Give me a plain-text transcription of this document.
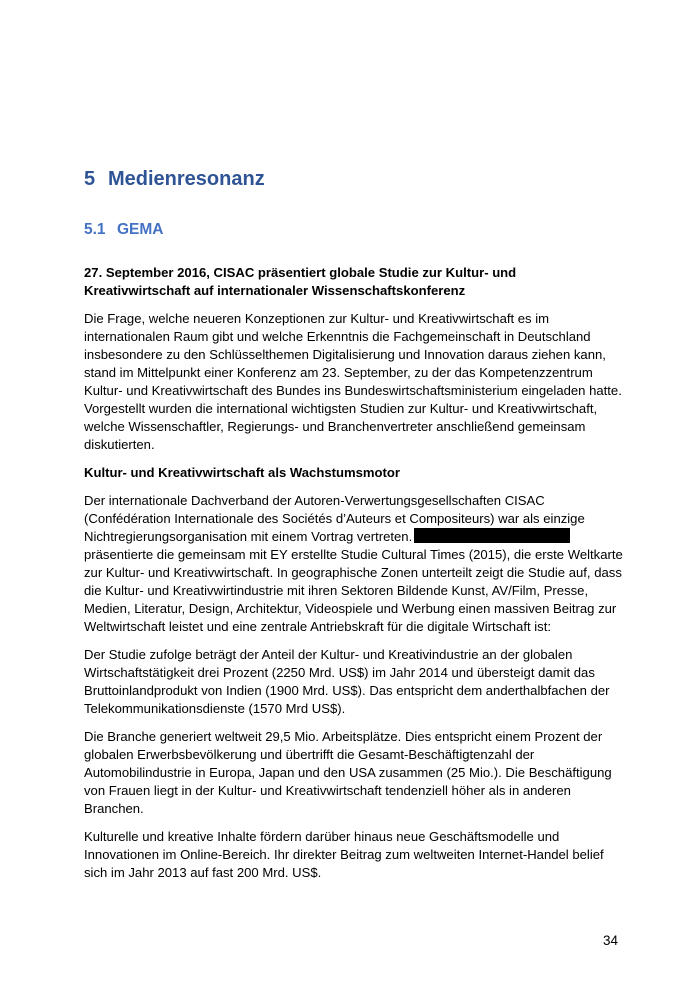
5 Medienresonanz
5.1 GEMA

27. September 2016, CISAC präsentiert globale Studie zur Kultur- und
Kreativwirtschaft auf internationaler Wissenschaftskonferenz

Die Frage, welche neueren Konzeptionen zur Kultur- und Kreativwirtschaft es im
internationalen Raum gibt und welche Erkenntnis die Fachgemeinschaft in Deutschland
insbesondere zu den Schlüsselthemen Digitalisierung und Innovation daraus ziehen kann,
stand im Mittelpunkt einer Konferenz am 23. September, zu der das Kompetenzzentrum
Kultur- und Kreativwirtschaft des Bundes ins Bundeswirtschaftsministerium eingeladen hatte.
Vorgestellt wurden die international wichtigsten Studien zur Kultur- und Kreativwirtschaft,
welche Wissenschaftler, Regierungs- und Branchenvertreter anschließend gemeinsam
diskutierten.

Kultur- und Kreativwirtschaft als Wachstumsmotor

Der internationale Dachverband der Autoren-Verwertungsgesellschaften CISAC
(Confédération Internationale des Sociétés d’Auteurs et Compositeurs) war als einzige
Nichtregierungsorganisation mit einem Vortrag vertreten.
präsentierte die gemeinsam mit EY erstellte Studie Cultural Times (2015), die erste Weltkarte
zur Kultur- und Kreativwirtschaft. In geographische Zonen unterteilt zeigt die Studie auf, dass
die Kultur- und Kreativwirtindustrie mit ihren Sektoren Bildende Kunst, AV/Film, Presse,
Medien, Literatur, Design, Architektur, Videospiele und Werbung einen massiven Beitrag zur
Weltwirtschaft leistet und eine zentrale Antriebskraft für die digitale Wirtschaft ist:

Der Studie zufolge beträgt der Anteil der Kultur- und Kreativindustrie an der globalen
Wirtschaftstätigkeit drei Prozent (2250 Mrd. US$) im Jahr 2014 und übersteigt damit das
Bruttoinlandprodukt von Indien (1900 Mrd. US$). Das entspricht dem anderthalbfachen der
Telekommunikationsdienste (1570 Mrd US$).

Die Branche generiert weltweit 29,5 Mio. Arbeitsplätze. Dies entspricht einem Prozent der
globalen Erwerbsbevölkerung und übertrifft die Gesamt-Beschäftigtenzahl der
Automobilindustrie in Europa, Japan und den USA zusammen (25 Mio.). Die Beschäftigung
von Frauen liegt in der Kultur- und Kreativwirtschaft tendenziell höher als in anderen
Branchen.

Kulturelle und kreative Inhalte fördern darüber hinaus neue Geschäftsmodelle und
Innovationen im Online-Bereich. Ihr direkter Beitrag zum weltweiten Internet-Handel belief
sich im Jahr 2013 auf fast 200 Mrd. US$.

34
